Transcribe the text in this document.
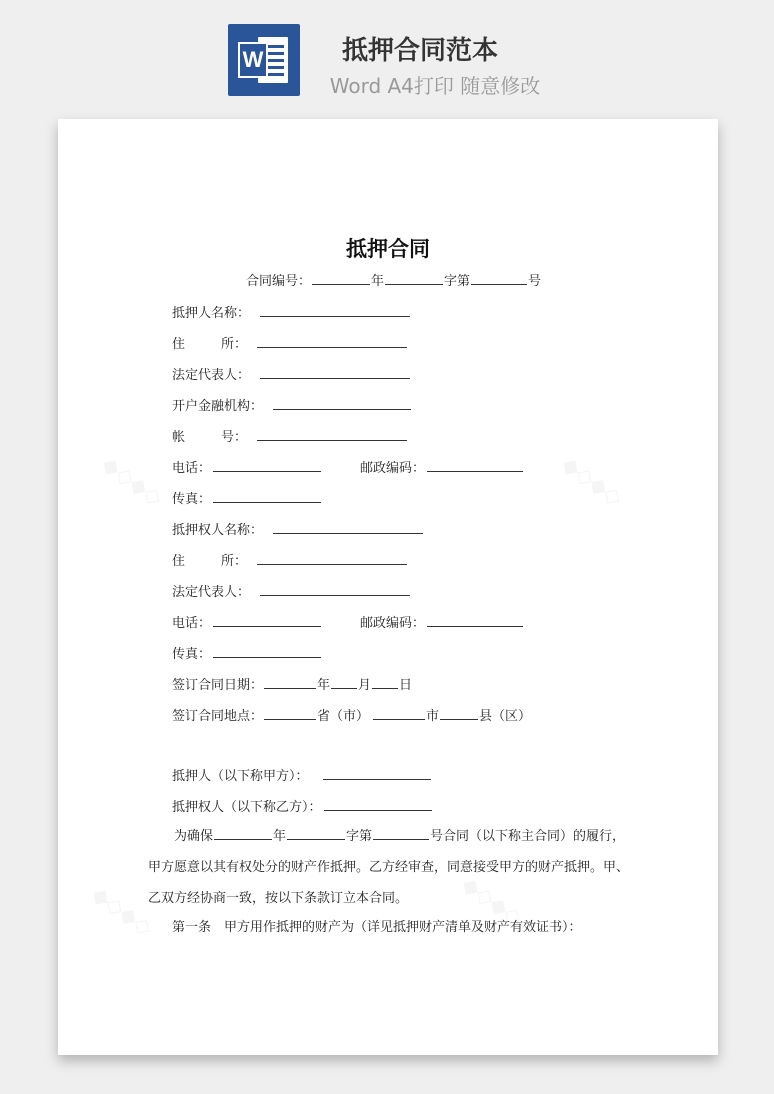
W	抵押合同范本
Word A4打印 随意修改
抵押合同
合同编号：	年	字第	号
抵押人名称：
住	所：
法定代表人：
开户金融机构：
帐	号：
电话：	邮政编码：
传真：
抵押权人名称：
住	所：
法定代表人：
电话：	邮政编码：
传真：
签订合同日期：	年 月 日
签订合同地点：	省（市）	市	县（区）
抵押人（以下称甲方）：
抵押权人（以下称乙方）：
为确保	年	字第	号合同（以下称主合同）的履行，甲方愿意以其有权处分的财产作抵押。乙方经审查，同意接受甲方的财产抵押。甲、乙双方经协商一致，按以下条款订立本合同。
第一条　甲方用作抵押的财产为（详见抵押财产清单及财产有效证书）：
